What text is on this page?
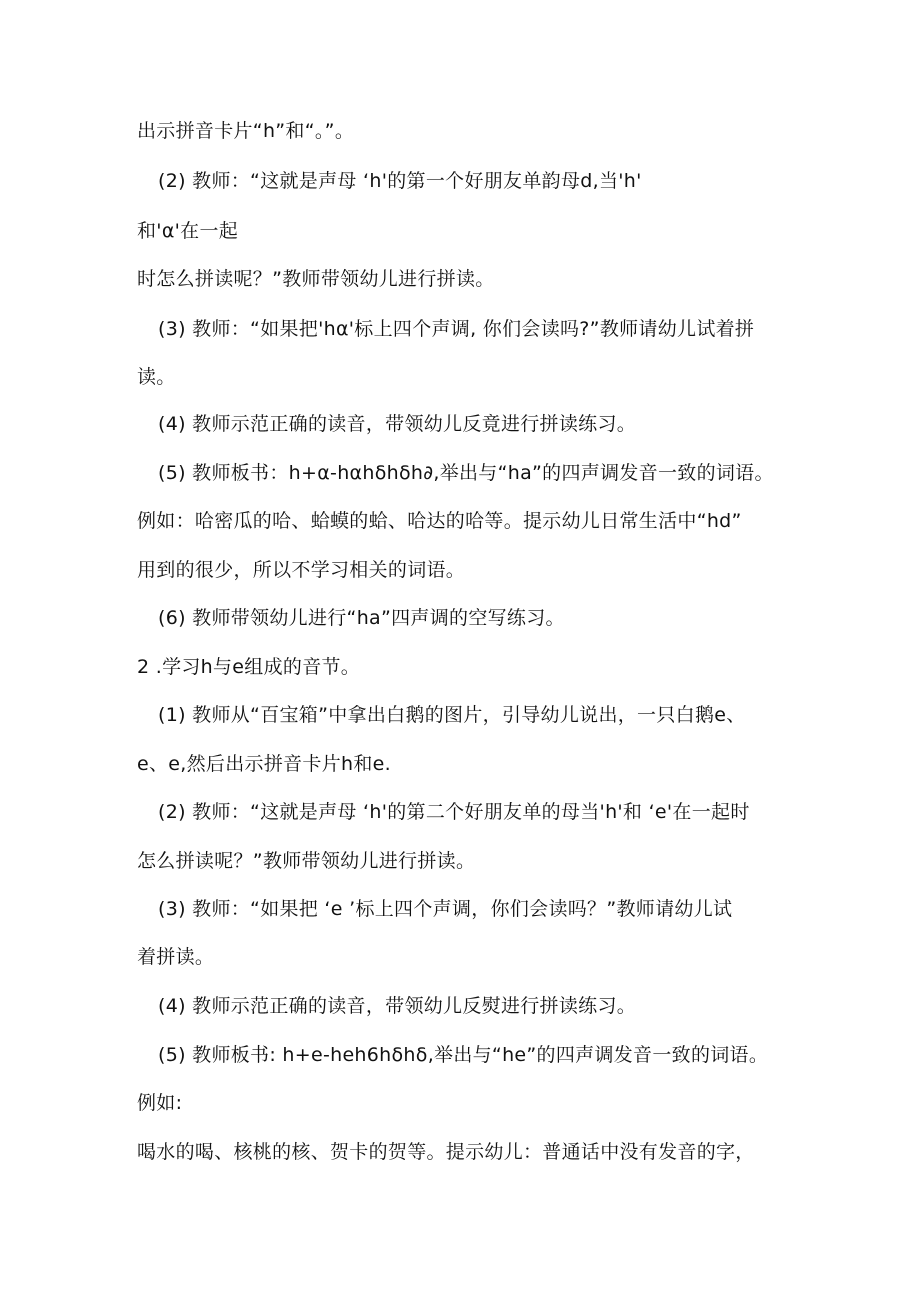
出示拼音卡片“h”和“。”。
(2) 教师：“这就是声母 ‘h'的第一个好朋友单韵母d,当'h'
和'α'在一起
时怎么拼读呢？”教师带领幼儿进行拼读。
(3) 教师：“如果把'hα'标上四个声调, 你们会读吗?”教师请幼儿试着拼
读。
(4) 教师示范正确的读音，带领幼儿反竟进行拼读练习。
(5) 教师板书：h+α-hαhδhδh∂,举出与“ha”的四声调发音一致的词语。
例如：哈密瓜的哈、蛤蟆的蛤、哈达的哈等。提示幼儿日常生活中“hd”
用到的很少，所以不学习相关的词语。
(6) 教师带领幼儿进行“ha”四声调的空写练习。
2 .学习h与e组成的音节。
(1) 教师从“百宝箱”中拿出白鹅的图片，引导幼儿说出，一只白鹅e、
e、e,然后出示拼音卡片h和e.
(2) 教师：“这就是声母 ‘h'的第二个好朋友单的母当'h'和 ‘e'在一起时
怎么拼读呢？”教师带领幼儿进行拼读。
(3) 教师：“如果把 ‘e ’标上四个声调，你们会读吗？”教师请幼儿试
着拼读。
(4) 教师示范正确的读音，带领幼儿反熨进行拼读练习。
(5) 教师板书: h+e-heh6hδhδ,举出与“he”的四声调发音一致的词语。
例如:
喝水的喝、核桃的核、贺卡的贺等。提示幼儿：普通话中没有发音的字，
